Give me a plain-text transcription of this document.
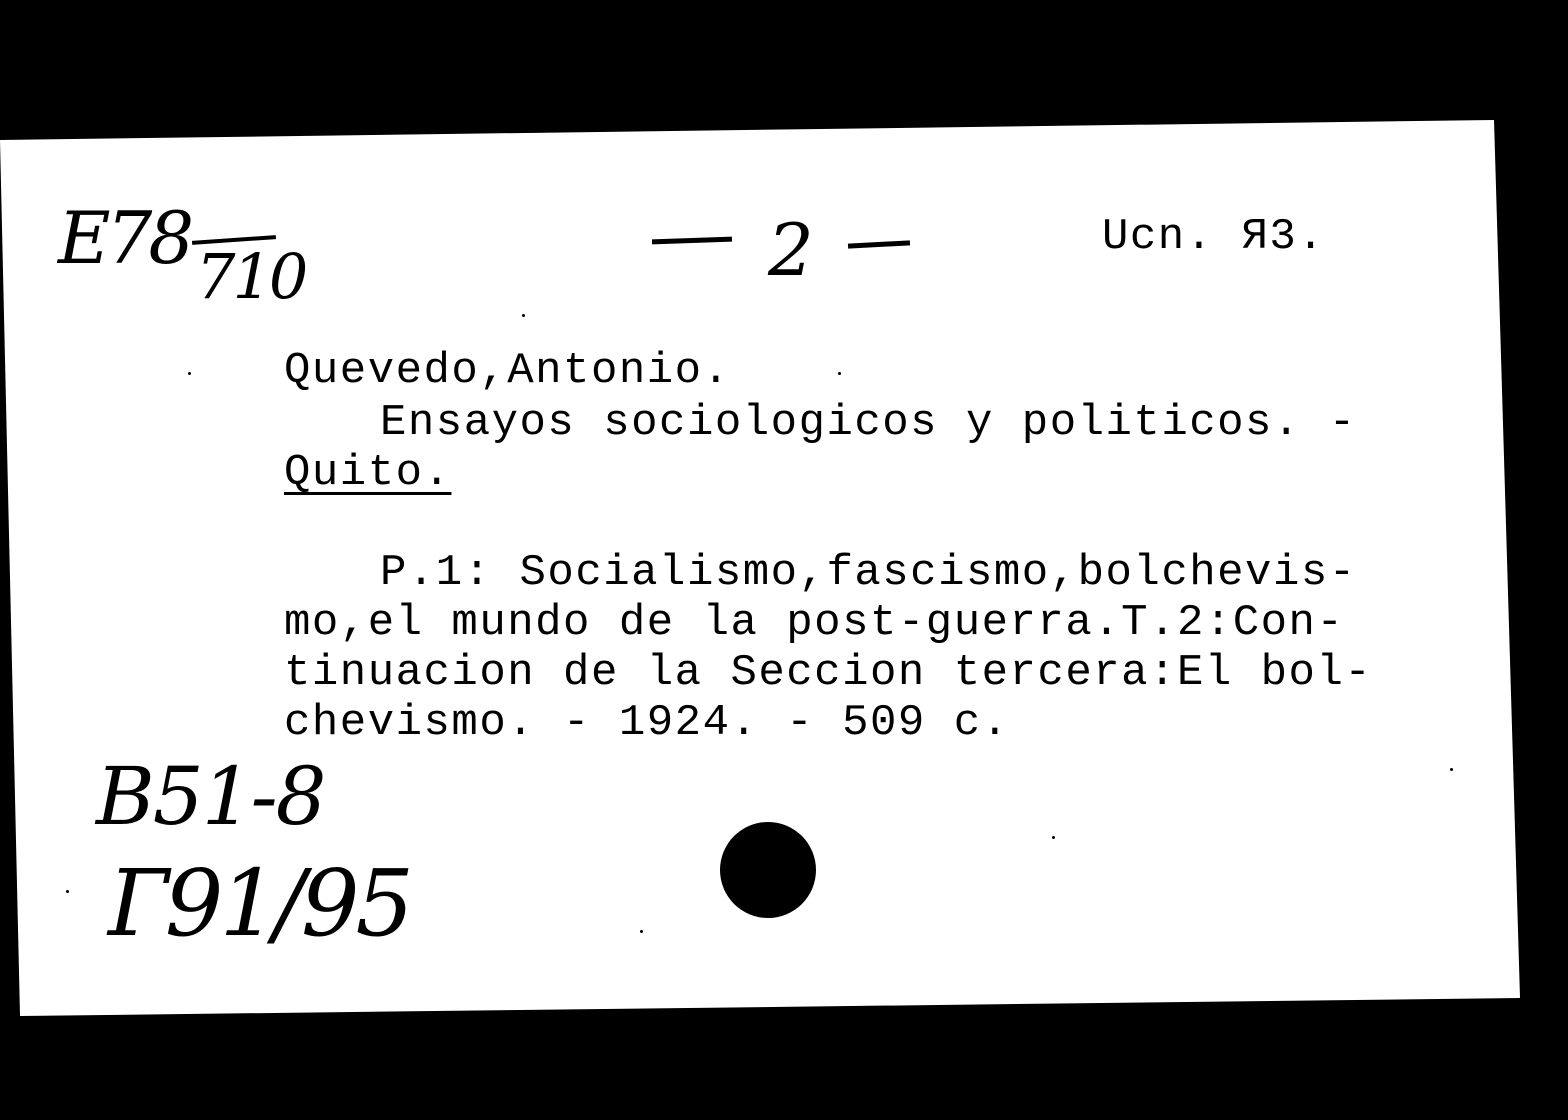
E78 710	2	Ucn. Я3.
Quevedo,Antonio.
Ensayos sociologicos y politicos. -
Quito.
P.1: Socialismo,fascismo,bolchevis-
mo,el mundo de la post-guerra.T.2:Con-
tinuacion de la Seccion tercera:El bol-
chevismo. - 1924. - 509 c.
B51-8
Г91/95
